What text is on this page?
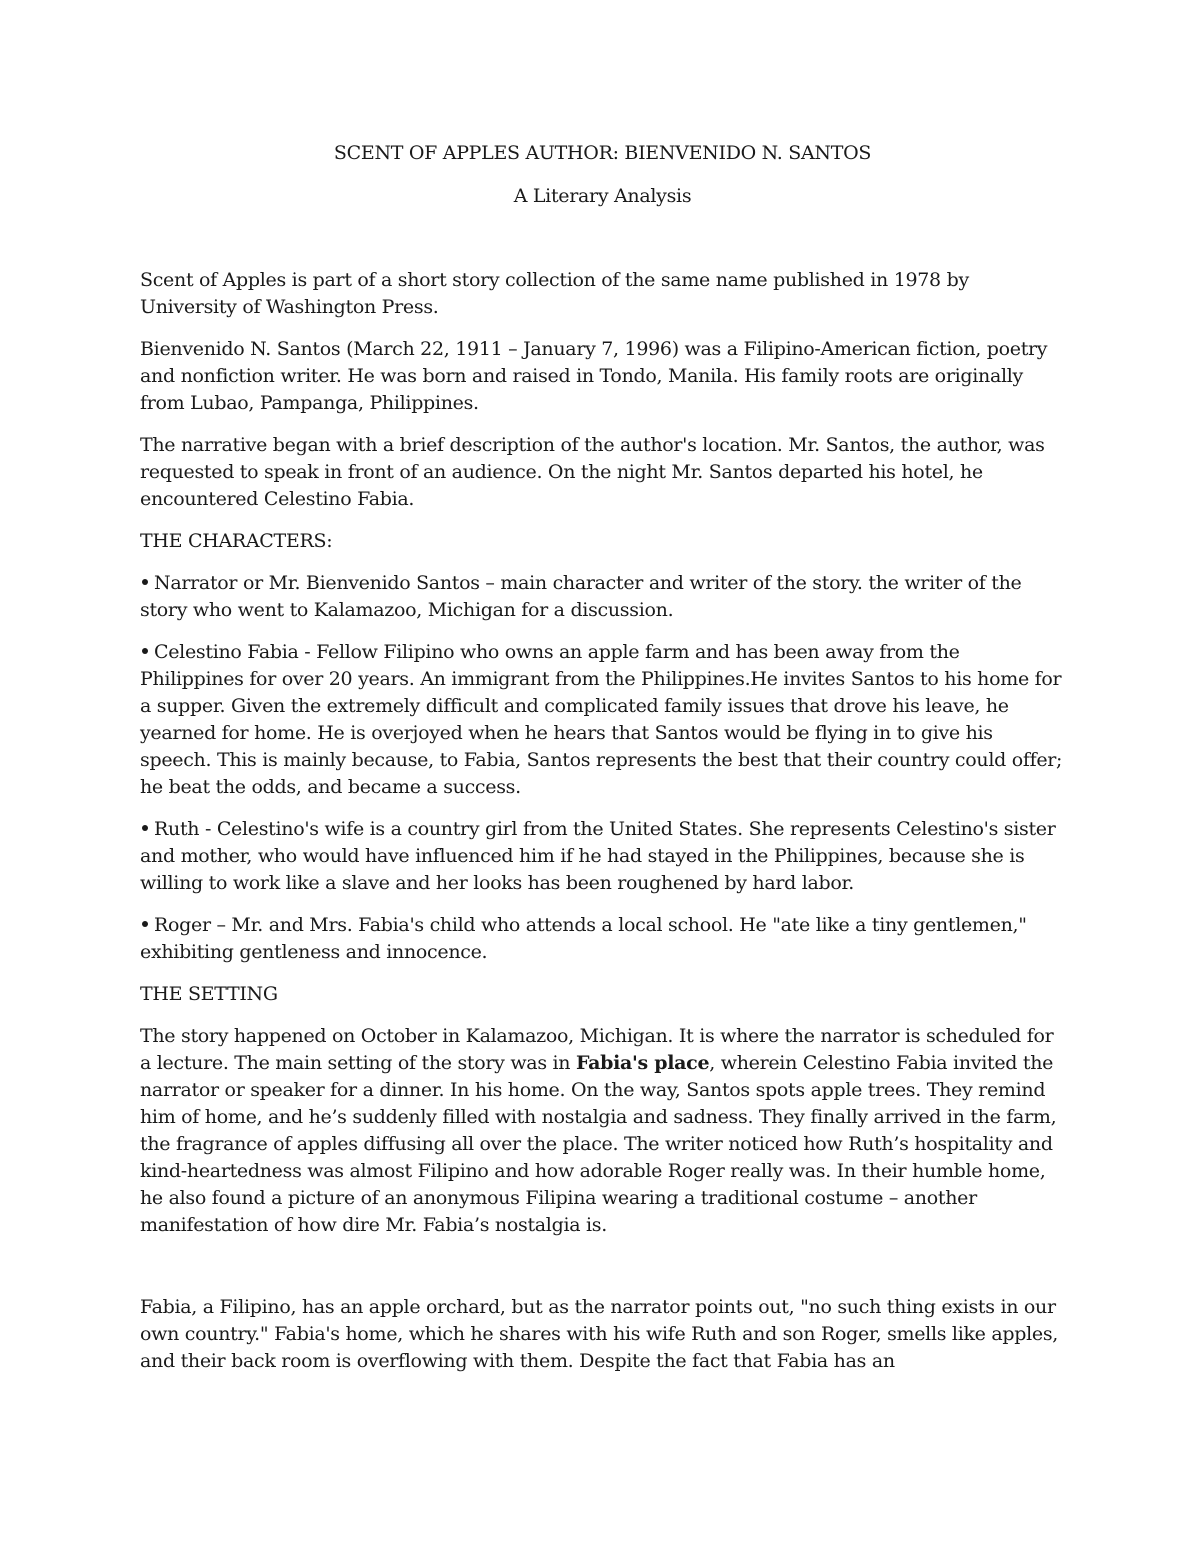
SCENT OF APPLES AUTHOR: BIENVENIDO N. SANTOS
A Literary Analysis

Scent of Apples is part of a short story collection of the same name published in 1978 by University of Washington Press.

Bienvenido N. Santos (March 22, 1911 – January 7, 1996) was a Filipino-American fiction, poetry and nonfiction writer. He was born and raised in Tondo, Manila. His family roots are originally from Lubao, Pampanga, Philippines.

The narrative began with a brief description of the author's location. Mr. Santos, the author, was requested to speak in front of an audience. On the night Mr. Santos departed his hotel, he encountered Celestino Fabia.

THE CHARACTERS:

Narrator or Mr. Bienvenido Santos – main character and writer of the story. the writer of the story who went to Kalamazoo, Michigan for a discussion.

Celestino Fabia - Fellow Filipino who owns an apple farm and has been away from the Philippines for over 20 years. An immigrant from the Philippines.He invites Santos to his home for a supper. Given the extremely difficult and complicated family issues that drove his leave, he yearned for home. He is overjoyed when he hears that Santos would be flying in to give his speech. This is mainly because, to Fabia, Santos represents the best that their country could offer; he beat the odds, and became a success.

Ruth - Celestino's wife is a country girl from the United States. She represents Celestino's sister and mother, who would have influenced him if he had stayed in the Philippines, because she is willing to work like a slave and her looks has been roughened by hard labor.

Roger – Mr. and Mrs. Fabia's child who attends a local school. He "ate like a tiny gentlemen," exhibiting gentleness and innocence.

THE SETTING

The story happened on October in Kalamazoo, Michigan. It is where the narrator is scheduled for a lecture. The main setting of the story was in Fabia's place, wherein Celestino Fabia invited the narrator or speaker for a dinner. In his home. On the way, Santos spots apple trees. They remind him of home, and he’s suddenly filled with nostalgia and sadness. They finally arrived in the farm, the fragrance of apples diffusing all over the place. The writer noticed how Ruth’s hospitality and kind-heartedness was almost Filipino and how adorable Roger really was. In their humble home, he also found a picture of an anonymous Filipina wearing a traditional costume – another manifestation of how dire Mr. Fabia’s nostalgia is.

Fabia, a Filipino, has an apple orchard, but as the narrator points out, "no such thing exists in our own country." Fabia's home, which he shares with his wife Ruth and son Roger, smells like apples, and their back room is overflowing with them. Despite the fact that Fabia has an
